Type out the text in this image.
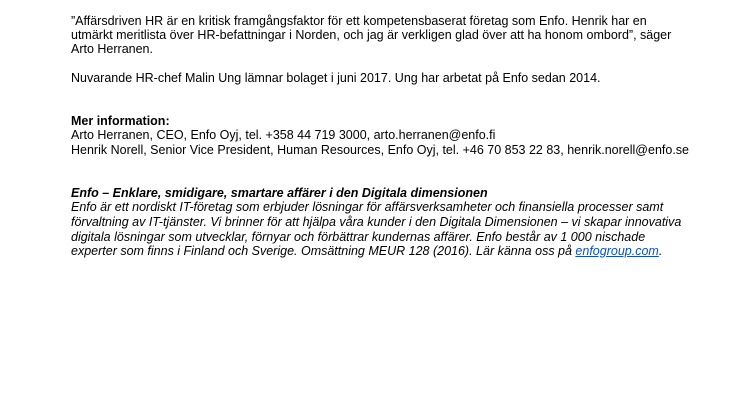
”Affärsdriven HR är en kritisk framgångsfaktor för ett kompetensbaserat företag som Enfo. Henrik har en
utmärkt meritlista över HR-befattningar i Norden, och jag är verkligen glad över att ha honom ombord”, säger
Arto Herranen.
Nuvarande HR-chef Malin Ung lämnar bolaget i juni 2017. Ung har arbetat på Enfo sedan 2014.
Mer information:
Arto Herranen, CEO, Enfo Oyj, tel. +358 44 719 3000, arto.herranen@enfo.fi
Henrik Norell, Senior Vice President, Human Resources, Enfo Oyj, tel. +46 70 853 22 83, henrik.norell@enfo.se
Enfo – Enklare, smidigare, smartare affärer i den Digitala dimensionen
Enfo är ett nordiskt IT-företag som erbjuder lösningar för affärsverksamheter och finansiella processer samt
förvaltning av IT-tjänster. Vi brinner för att hjälpa våra kunder i den Digitala Dimensionen – vi skapar innovativa
digitala lösningar som utvecklar, förnyar och förbättrar kundernas affärer. Enfo består av 1 000 nischade
experter som finns i Finland och Sverige. Omsättning MEUR 128 (2016). Lär känna oss på enfogroup.com.
